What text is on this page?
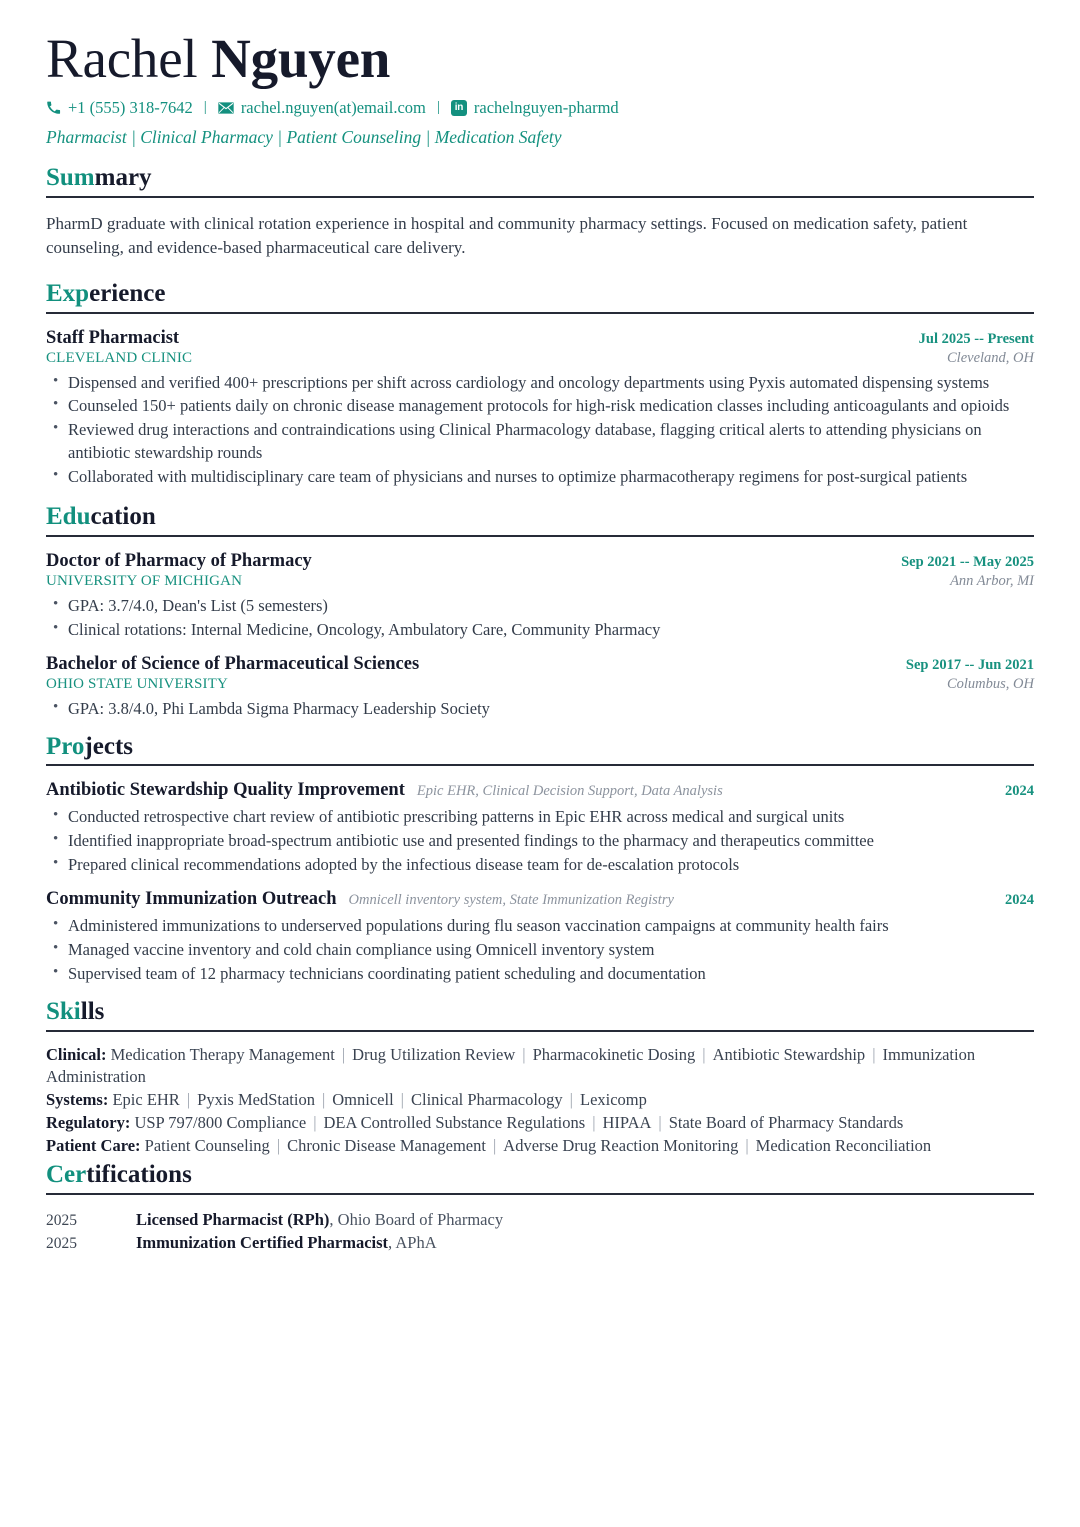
Rachel Nguyen
+1 (555) 318-7642 |	rachel.nguyen(at)email.com |	in rachelnguyen-pharmd
Pharmacist | Clinical Pharmacy | Patient Counseling | Medication Safety
Summary

PharmD graduate with clinical rotation experience in hospital and community pharmacy settings. Focused on medication safety, patient counseling, and evidence-based pharmaceutical care delivery.

Experience
Staff Pharmacist	Jul 2025 -- Present
CLEVELAND CLINIC	Cleveland, OH
• Dispensed and verified 400+ prescriptions per shift across cardiology and oncology departments using Pyxis automated dispensing systems
• Counseled 150+ patients daily on chronic disease management protocols for high-risk medication classes including anticoagulants and opioids
• Reviewed drug interactions and contraindications using Clinical Pharmacology database, flagging critical alerts to attending physicians on antibiotic stewardship rounds
• Collaborated with multidisciplinary care team of physicians and nurses to optimize pharmacotherapy regimens for post-surgical patients
Education
Doctor of Pharmacy of Pharmacy	Sep 2021 -- May 2025
UNIVERSITY OF MICHIGAN	Ann Arbor, MI
• GPA: 3.7/4.0, Dean's List (5 semesters)
• Clinical rotations: Internal Medicine, Oncology, Ambulatory Care, Community Pharmacy
Bachelor of Science of Pharmaceutical Sciences	Sep 2017 -- Jun 2021
OHIO STATE UNIVERSITY	Columbus, OH
• GPA: 3.8/4.0, Phi Lambda Sigma Pharmacy Leadership Society
Projects
Antibiotic Stewardship Quality Improvement Epic EHR, Clinical Decision Support, Data Analysis	2024
• Conducted retrospective chart review of antibiotic prescribing patterns in Epic EHR across medical and surgical units
• Identified inappropriate broad-spectrum antibiotic use and presented findings to the pharmacy and therapeutics committee
• Prepared clinical recommendations adopted by the infectious disease team for de-escalation protocols
Community Immunization Outreach Omnicell inventory system, State Immunization Registry	2024
• Administered immunizations to underserved populations during flu season vaccination campaigns at community health fairs
• Managed vaccine inventory and cold chain compliance using Omnicell inventory system
• Supervised team of 12 pharmacy technicians coordinating patient scheduling and documentation
Skills
Clinical: Medication Therapy Management | Drug Utilization Review | Pharmacokinetic Dosing | Antibiotic Stewardship | Immunization Administration
Systems: Epic EHR | Pyxis MedStation | Omnicell | Clinical Pharmacology | Lexicomp
Regulatory: USP 797/800 Compliance | DEA Controlled Substance Regulations | HIPAA | State Board of Pharmacy Standards
Patient Care: Patient Counseling | Chronic Disease Management | Adverse Drug Reaction Monitoring | Medication Reconciliation
Certifications
2025	Licensed Pharmacist (RPh), Ohio Board of Pharmacy
2025	Immunization Certified Pharmacist, APhA
